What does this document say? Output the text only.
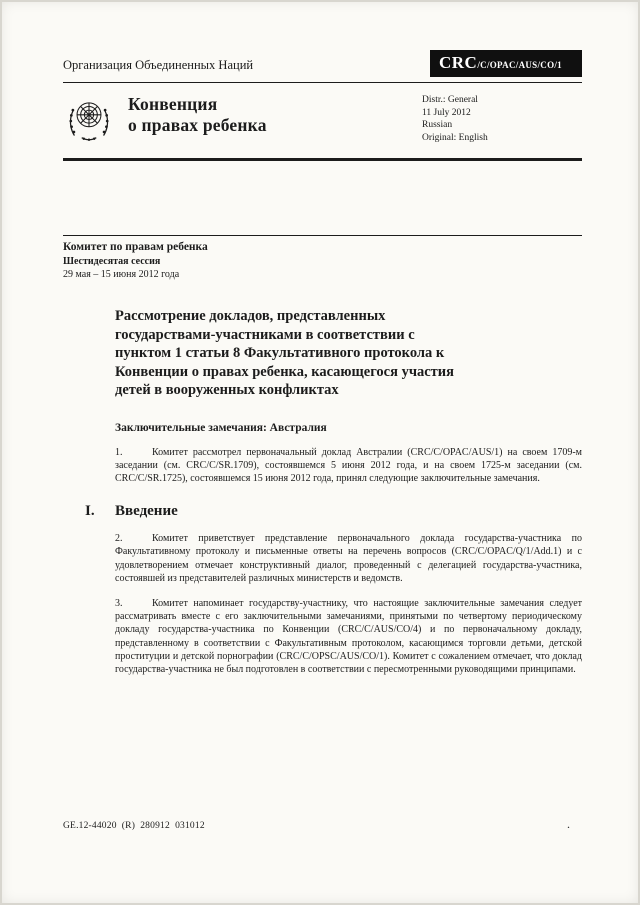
Организация Объединенных Наций	CRC /C/OPAC/AUS/CO/1
Конвенция
о правах ребенка
Distr.: General
11 July 2012
Russian
Original: English
Комитет по правам ребенка
Шестидесятая сессия
29 мая – 15 июня 2012 года
Рассмотрение докладов, представленных государствами-участниками в соответствии с пунктом 1 статьи 8 Факультативного протокола к Конвенции о правах ребенка, касающегося участия детей в вооруженных конфликтах
Заключительные замечания: Австралия

1.	Комитет рассмотрел первоначальный доклад Австралии (CRC/C/OPAC/AUS/1) на своем 1709-м заседании (см. CRC/C/SR.1709), состоявшемся 5 июня 2012 года, и на своем 1725-м заседании (см. CRC/C/SR.1725), состоявшемся 15 июня 2012 года, принял следующие заключительные замечания.

I.	Введение

2.	Комитет приветствует представление первоначального доклада государства-участника по Факультативному протоколу и письменные ответы на перечень вопросов (CRC/C/OPAC/Q/1/Add.1) и с удовлетворением отмечает конструктивный диалог, проведенный с делегацией государства-участника, состоявшей из представителей различных министерств и ведомств.

3.	Комитет напоминает государству-участнику, что настоящие заключительные замечания следует рассматривать вместе с его заключительными замечаниями, принятыми по четвертому периодическому докладу государства-участника по Конвенции (CRC/C/AUS/CO/4) и по первоначальному докладу, представленному в соответствии с Факультативным протоколом, касающимся торговли детьми, детской проституции и детской порнографии (CRC/C/OPSC/AUS/CO/1). Комитет с сожалением отмечает, что доклад государства-участника не был подготовлен в соответствии с пересмотренными руководящими принципами.

GE.12-44020  (R)  280912  031012	.
